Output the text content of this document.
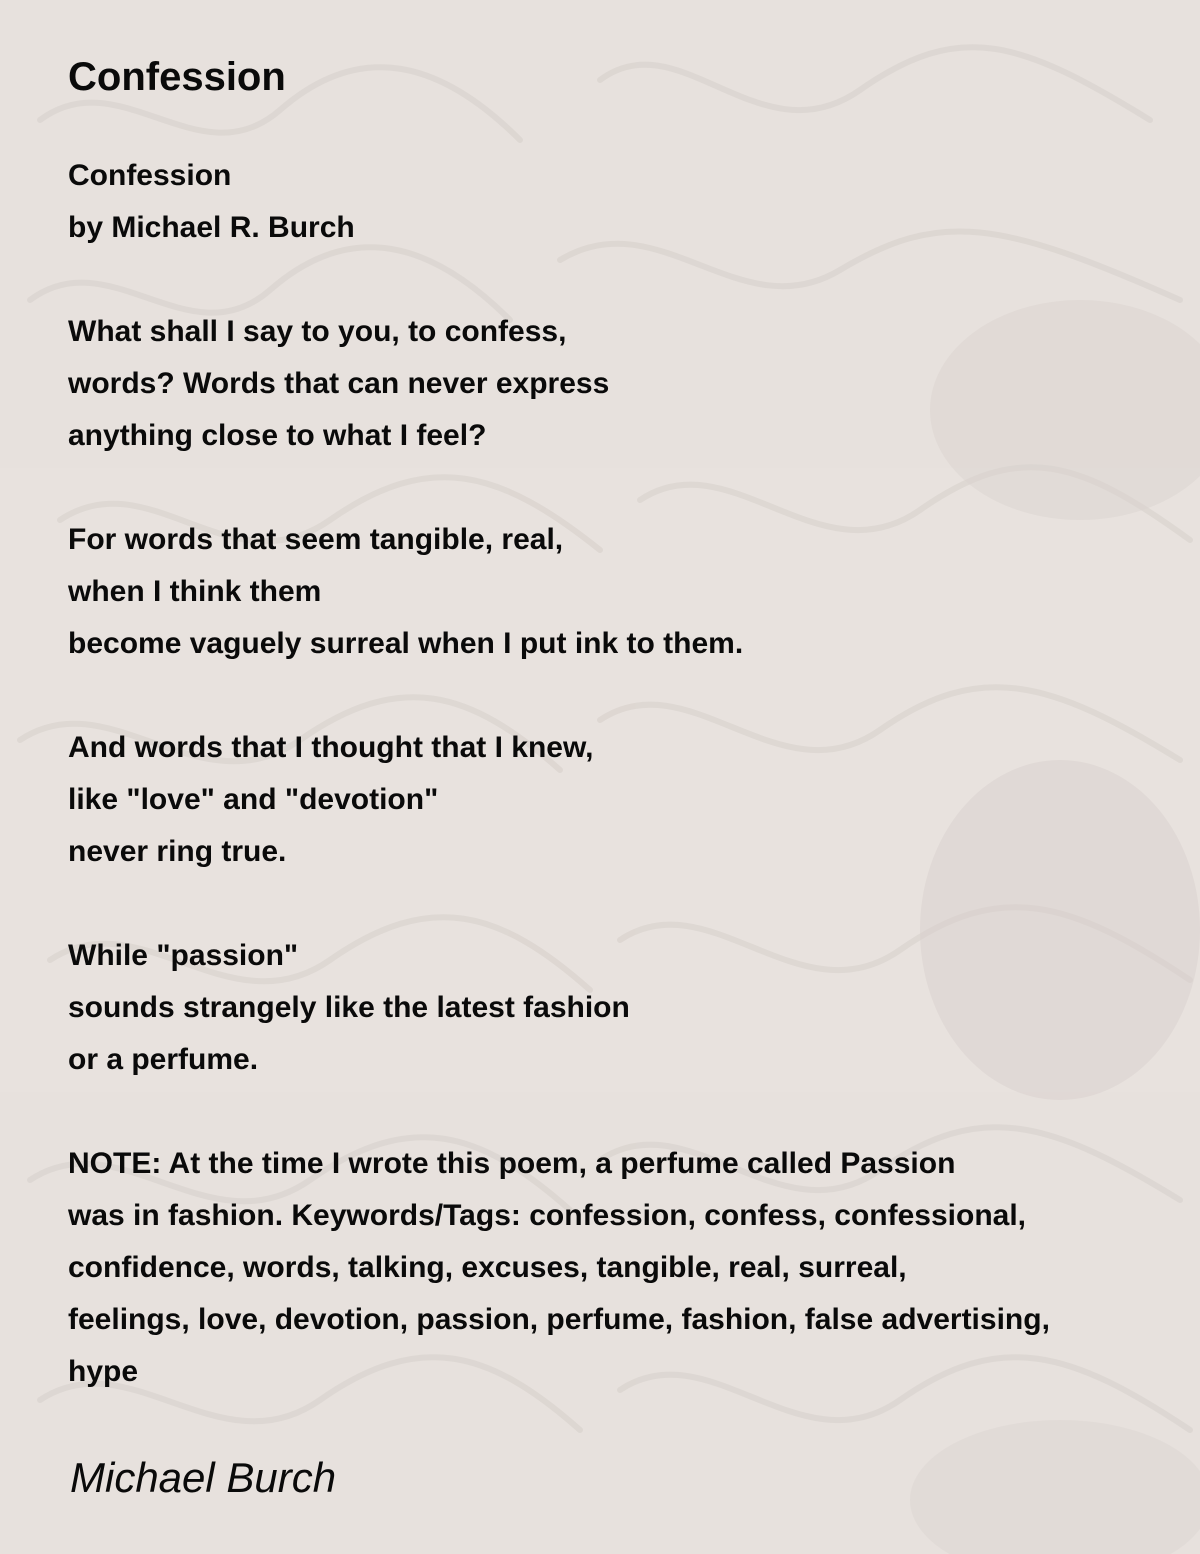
Confession
Confession
by Michael R. Burch
What shall I say to you, to confess,
words? Words that can never express
anything close to what I feel?
For words that seem tangible, real,
when I think them
become vaguely surreal when I put ink to them.
And words that I thought that I knew,
like "love" and "devotion"
never ring true.
While "passion"
sounds strangely like the latest fashion
or a perfume.
NOTE: At the time I wrote this poem, a perfume called Passion
was in fashion. Keywords/Tags: confession, confess, confessional,
confidence, words, talking, excuses, tangible, real, surreal,
feelings, love, devotion, passion, perfume, fashion, false advertising,
hype
Michael Burch
